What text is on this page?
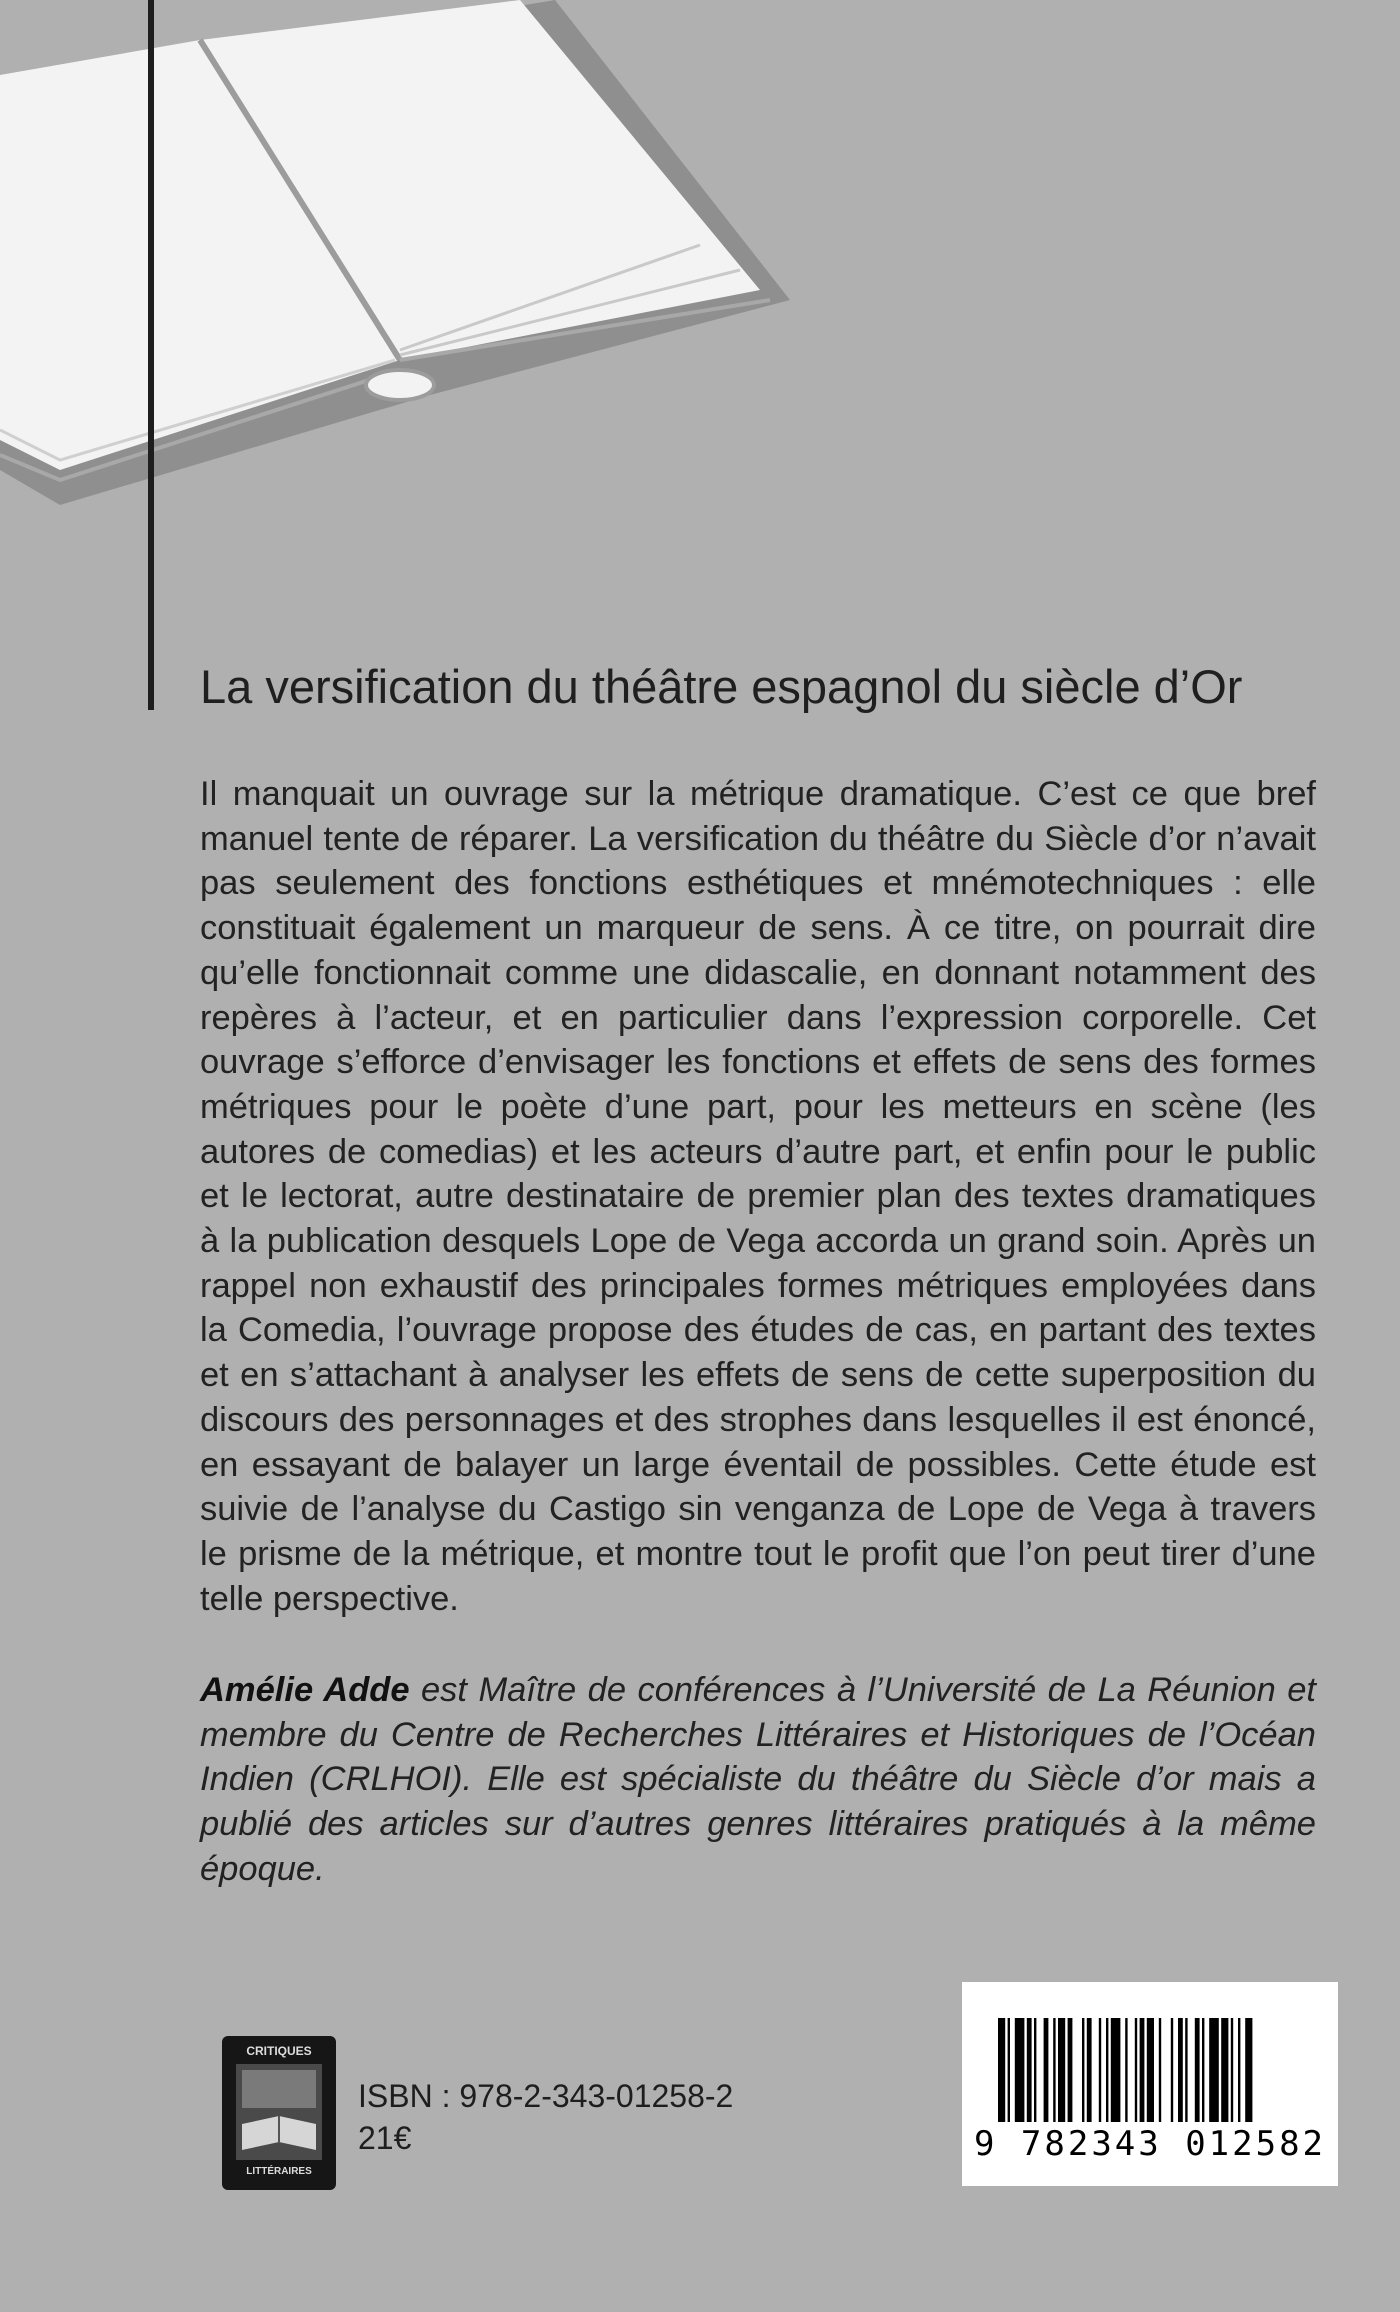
La versification du théâtre espagnol du siècle d’Or

Il manquait un ouvrage sur la métrique dramatique. C’est ce que bref manuel tente de réparer. La versification du théâtre du Siècle d’or n’avait pas seulement des fonctions esthétiques et mnémotechniques : elle constituait également un marqueur de sens. À ce titre, on pourrait dire qu’elle fonctionnait comme une didascalie, en donnant notamment des repères à l’acteur, et en particulier dans l’expression corporelle. Cet ouvrage s’efforce d’envisager les fonctions et effets de sens des formes métriques pour le poète d’une part, pour les metteurs en scène (les autores de comedias) et les acteurs d’autre part, et enfin pour le public et le lectorat, autre destinataire de premier plan des textes dramatiques à la publication desquels Lope de Vega accorda un grand soin. Après un rappel non exhaustif des principales formes métriques employées dans la Comedia, l’ouvrage propose des études de cas, en partant des textes et en s’attachant à analyser les effets de sens de cette superposition du discours des personnages et des strophes dans lesquelles il est énoncé, en essayant de balayer un large éventail de possibles. Cette étude est suivie de l’analyse du Castigo sin venganza de Lope de Vega à travers le prisme de la métrique, et montre tout le profit que l’on peut tirer d’une telle perspective.

Amélie Adde est Maître de conférences à l’Université de La Réunion et membre du Centre de Recherches Littéraires et Historiques de l’Océan Indien (CRLHOI). Elle est spécialiste du théâtre du Siècle d’or mais a publié des articles sur d’autres genres littéraires pratiqués à la même époque.

CRITIQUES
LITTÉRAIRES
ISBN : 978-2-343-01258-2
21€	9 782343 012582
